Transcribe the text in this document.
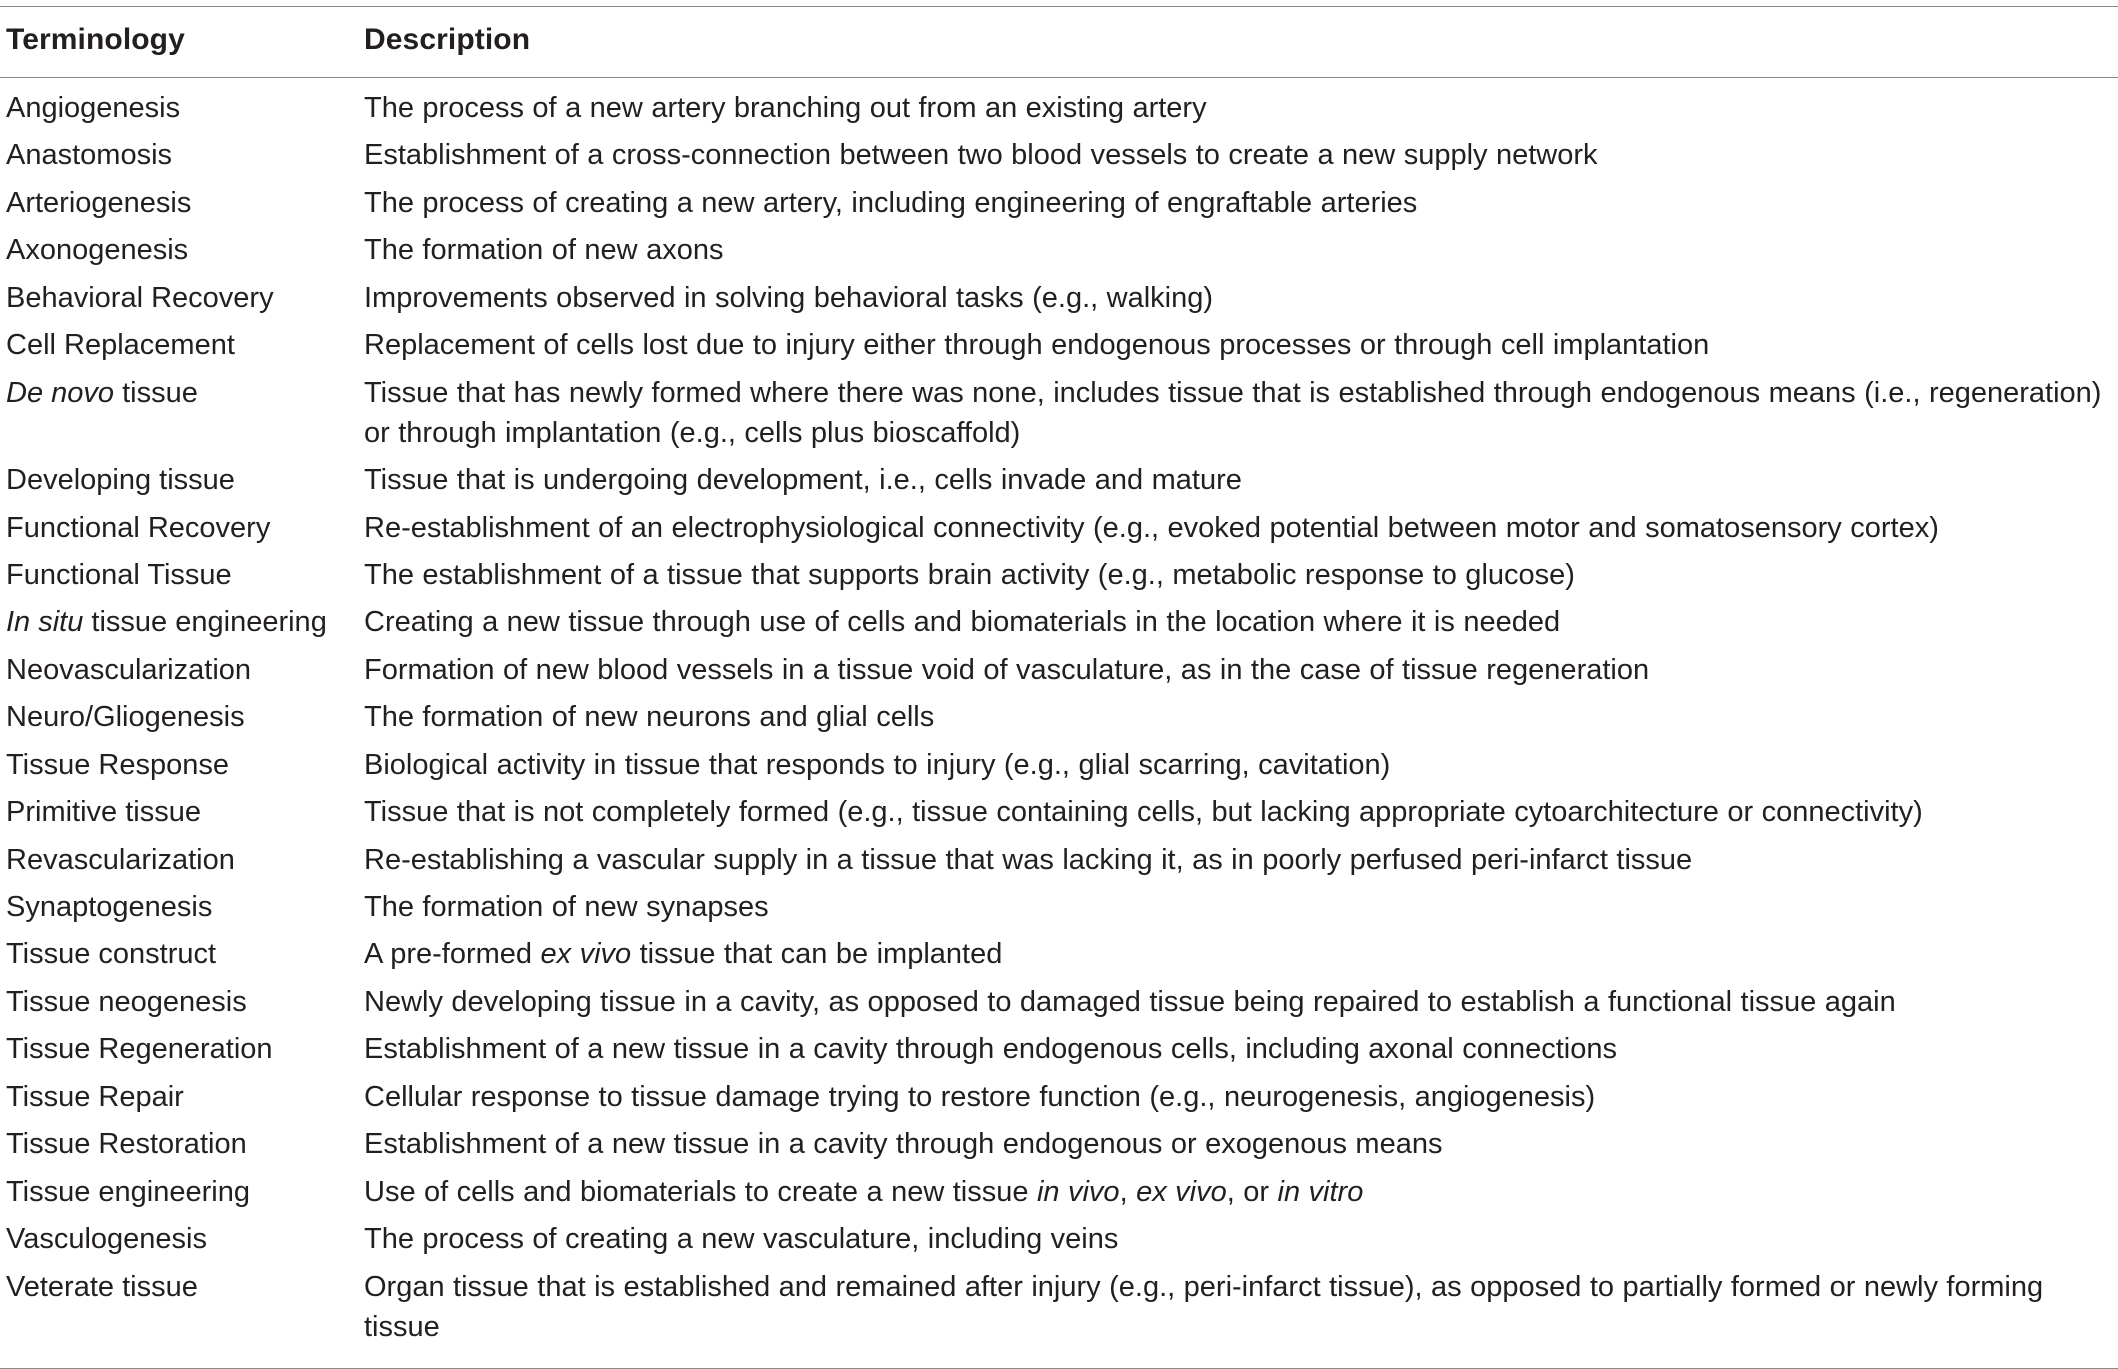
Terminology	Description
Angiogenesis	The process of a new artery branching out from an existing artery
Anastomosis	Establishment of a cross-connection between two blood vessels to create a new supply network
Arteriogenesis	The process of creating a new artery, including engineering of engraftable arteries
Axonogenesis	The formation of new axons
Behavioral Recovery	Improvements observed in solving behavioral tasks (e.g., walking)
Cell Replacement	Replacement of cells lost due to injury either through endogenous processes or through cell implantation
De novo tissue	Tissue that has newly formed where there was none, includes tissue that is established through endogenous means (i.e., regeneration) or through implantation (e.g., cells plus bioscaffold)
Developing tissue	Tissue that is undergoing development, i.e., cells invade and mature
Functional Recovery	Re-establishment of an electrophysiological connectivity (e.g., evoked potential between motor and somatosensory cortex)
Functional Tissue	The establishment of a tissue that supports brain activity (e.g., metabolic response to glucose)
In situ tissue engineering	Creating a new tissue through use of cells and biomaterials in the location where it is needed
Neovascularization	Formation of new blood vessels in a tissue void of vasculature, as in the case of tissue regeneration
Neuro/Gliogenesis	The formation of new neurons and glial cells
Tissue Response	Biological activity in tissue that responds to injury (e.g., glial scarring, cavitation)
Primitive tissue	Tissue that is not completely formed (e.g., tissue containing cells, but lacking appropriate cytoarchitecture or connectivity)
Revascularization	Re-establishing a vascular supply in a tissue that was lacking it, as in poorly perfused peri-infarct tissue
Synaptogenesis	The formation of new synapses
Tissue construct	A pre-formed ex vivo tissue that can be implanted
Tissue neogenesis	Newly developing tissue in a cavity, as opposed to damaged tissue being repaired to establish a functional tissue again
Tissue Regeneration	Establishment of a new tissue in a cavity through endogenous cells, including axonal connections
Tissue Repair	Cellular response to tissue damage trying to restore function (e.g., neurogenesis, angiogenesis)
Tissue Restoration	Establishment of a new tissue in a cavity through endogenous or exogenous means
Tissue engineering	Use of cells and biomaterials to create a new tissue in vivo, ex vivo, or in vitro
Vasculogenesis	The process of creating a new vasculature, including veins
Veterate tissue	Organ tissue that is established and remained after injury (e.g., peri-infarct tissue), as opposed to partially formed or newly forming tissue
